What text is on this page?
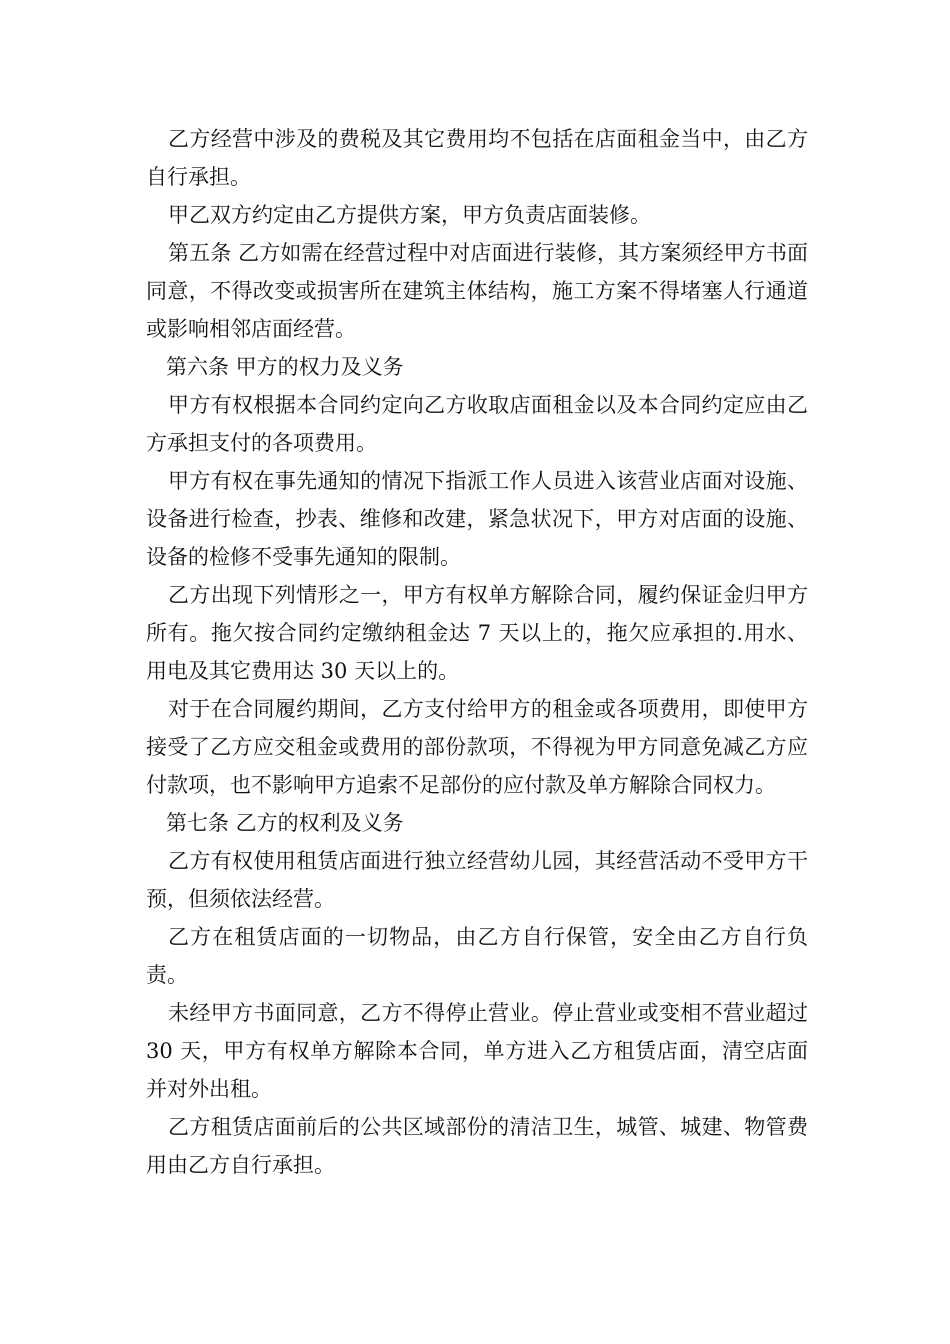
乙方经营中涉及的费税及其它费用均不包括在店面租金当中，由乙方自行承担。

甲乙双方约定由乙方提供方案，甲方负责店面装修。

第五条 乙方如需在经营过程中对店面进行装修，其方案须经甲方书面同意，不得改变或损害所在建筑主体结构，施工方案不得堵塞人行通道或影响相邻店面经营。

第六条 甲方的权力及义务

甲方有权根据本合同约定向乙方收取店面租金以及本合同约定应由乙方承担支付的各项费用。

甲方有权在事先通知的情况下指派工作人员进入该营业店面对设施、设备进行检查，抄表、维修和改建，紧急状况下，甲方对店面的设施、设备的检修不受事先通知的限制。

乙方出现下列情形之一，甲方有权单方解除合同，履约保证金归甲方所有。拖欠按合同约定缴纳租金达 7 天以上的，拖欠应承担的.用水、用电及其它费用达 30 天以上的。

对于在合同履约期间，乙方支付给甲方的租金或各项费用，即使甲方接受了乙方应交租金或费用的部份款项，不得视为甲方同意免减乙方应付款项，也不影响甲方追索不足部份的应付款及单方解除合同权力。

第七条 乙方的权利及义务

乙方有权使用租赁店面进行独立经营幼儿园，其经营活动不受甲方干预，但须依法经营。

乙方在租赁店面的一切物品，由乙方自行保管，安全由乙方自行负责。

未经甲方书面同意，乙方不得停止营业。停止营业或变相不营业超过 30 天，甲方有权单方解除本合同，单方进入乙方租赁店面，清空店面并对外出租。

乙方租赁店面前后的公共区域部份的清洁卫生，城管、城建、物管费用由乙方自行承担。
